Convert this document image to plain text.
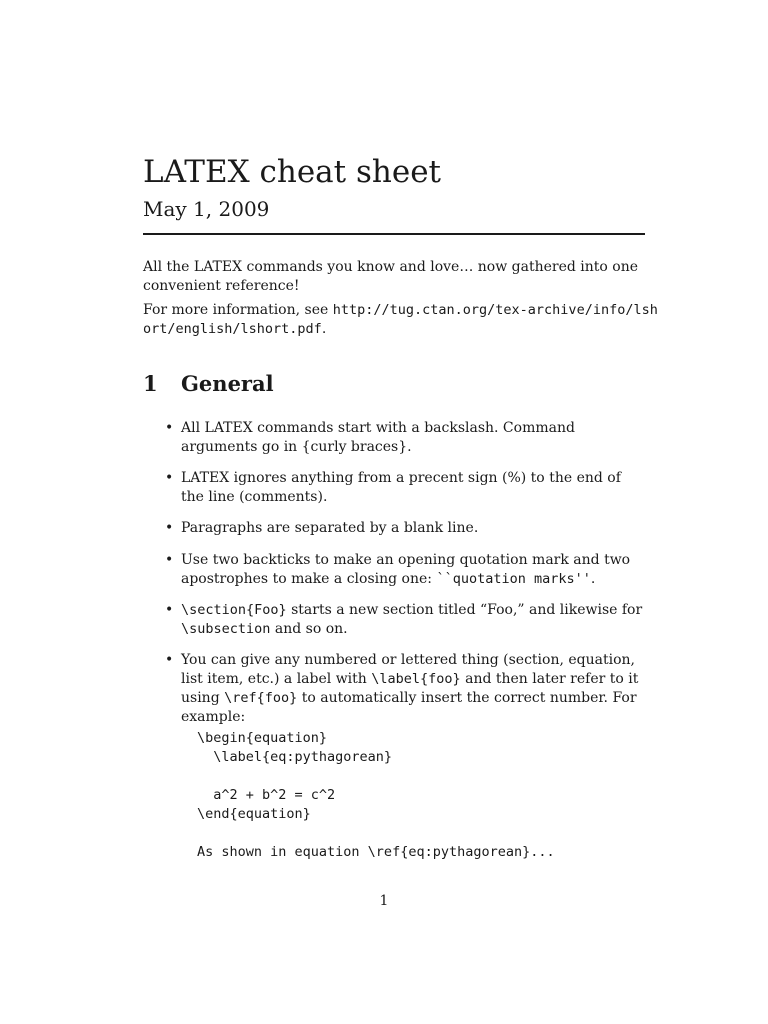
LATEX cheat sheet
May 1, 2009
All the LATEX commands you know and love… now gathered into one convenient reference!
For more information, see http://tug.ctan.org/tex-archive/info/lshort/english/lshort.pdf.
1 General
• All LATEX commands start with a backslash. Command arguments go in {curly braces}.
• LATEX ignores anything from a precent sign (%) to the end of the line (comments).
• Paragraphs are separated by a blank line.
• Use two backticks to make an opening quotation mark and two apostrophes to make a closing one: ``quotation marks''.
• \section{Foo} starts a new section titled “Foo,” and likewise for \subsection and so on.
• You can give any numbered or lettered thing (section, equation, list item, etc.) a label with \label{foo} and then later refer to it using \ref{foo} to automatically insert the correct number. For example:
\begin{equation}
\label{eq:pythagorean}
a^2 + b^2 = c^2
\end{equation}
As shown in equation \ref{eq:pythagorean}...
1
